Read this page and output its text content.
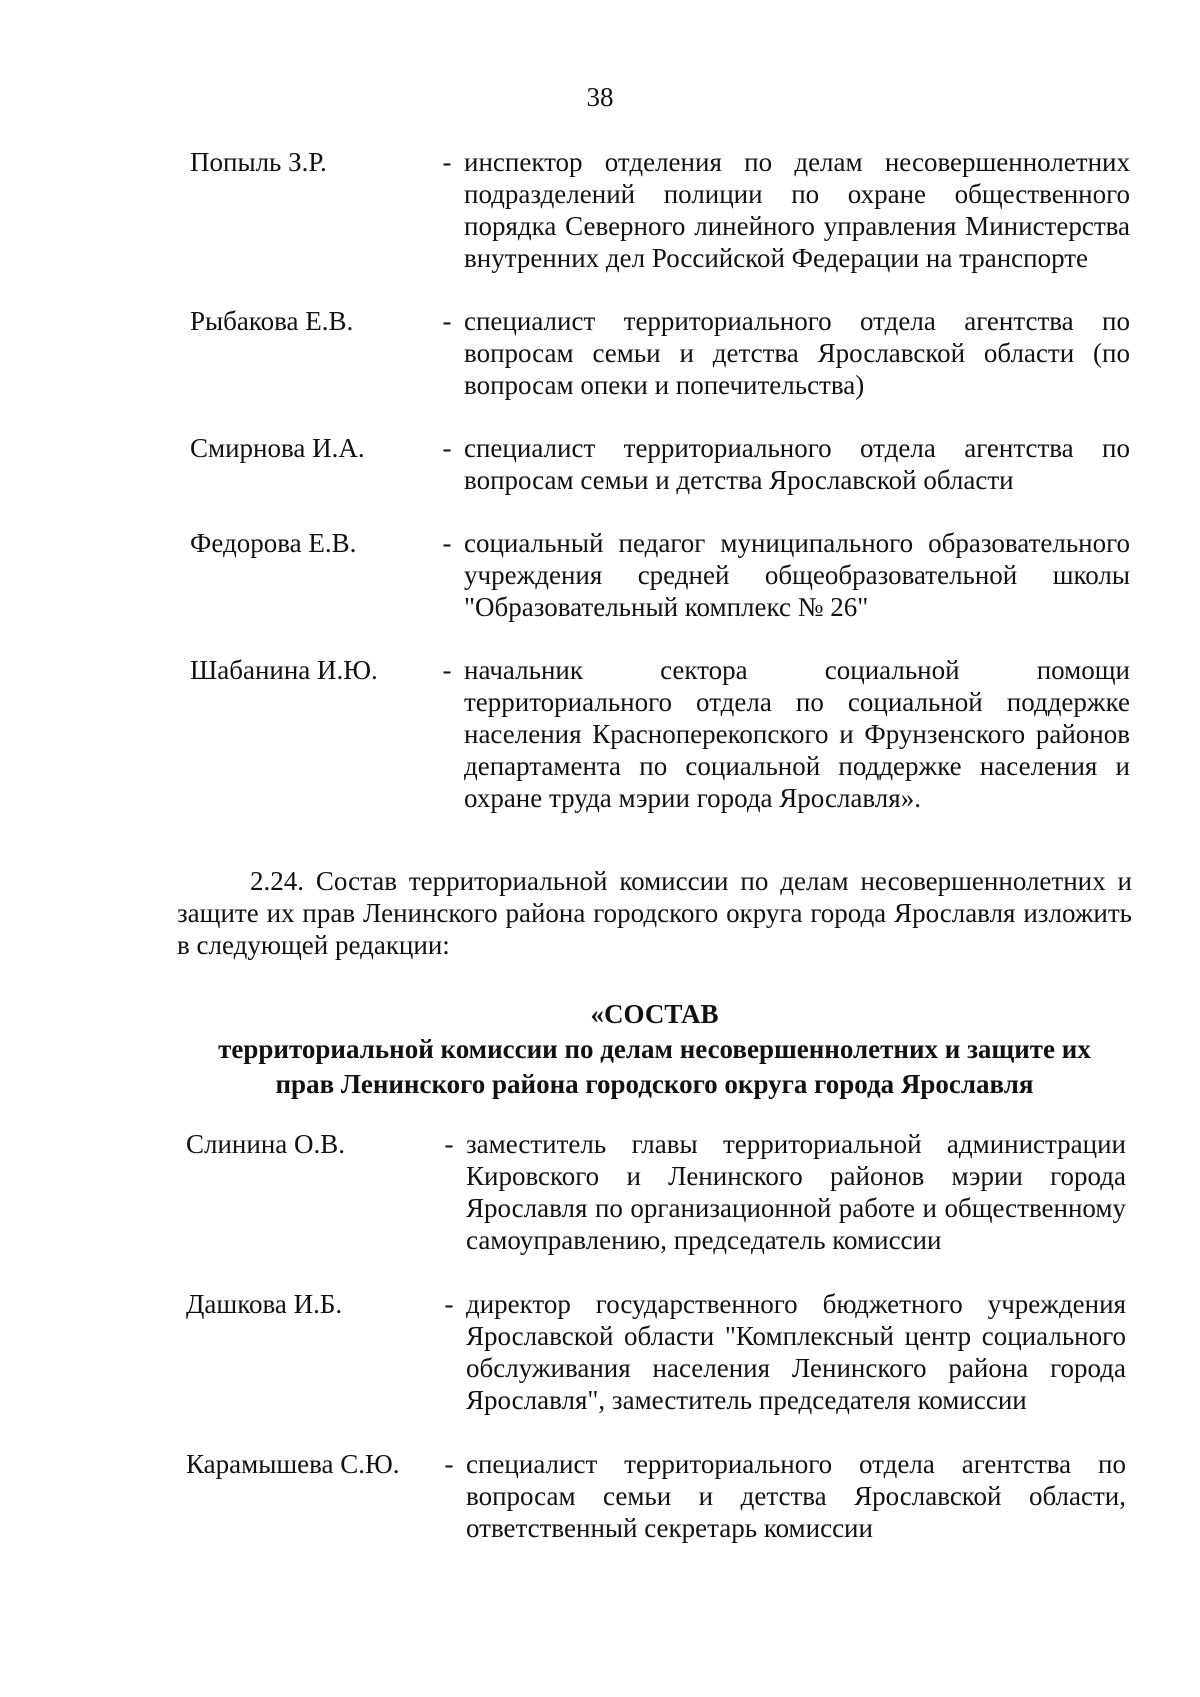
38
Попыль З.Р.	- инспектор отделения по делам несовершеннолетних подразделений полиции по охране общественного порядка Северного линейного управления Министерства внутренних дел Российской Федерации на транспорте
Рыбакова Е.В.	- специалист территориального отдела агентства по вопросам семьи и детства Ярославской области (по вопросам опеки и попечительства)
Смирнова И.А.	- специалист территориального отдела агентства по вопросам семьи и детства Ярославской области
Федорова Е.В.	- социальный педагог муниципального образовательного учреждения средней общеобразовательной школы "Образовательный комплекс № 26"
Шабанина И.Ю.	- начальник сектора социальной помощи территориального отдела по социальной поддержке населения Красноперекопского и Фрунзенского районов департамента по социальной поддержке населения и охране труда мэрии города Ярославля».
2.24. Состав территориальной комиссии по делам несовершеннолетних и защите их прав Ленинского района городского округа города Ярославля изложить в следующей редакции:
«СОСТАВ
территориальной комиссии по делам несовершеннолетних и защите их
прав Ленинского района городского округа города Ярославля
Слинина О.В.	- заместитель главы территориальной администрации Кировского и Ленинского районов мэрии города Ярославля по организационной работе и общественному самоуправлению, председатель комиссии
Дашкова И.Б.	- директор государственного бюджетного учреждения Ярославской области "Комплексный центр социального обслуживания населения Ленинского района города Ярославля", заместитель председателя комиссии
Карамышева С.Ю.	- специалист территориального отдела агентства по вопросам семьи и детства Ярославской области, ответственный секретарь комиссии
